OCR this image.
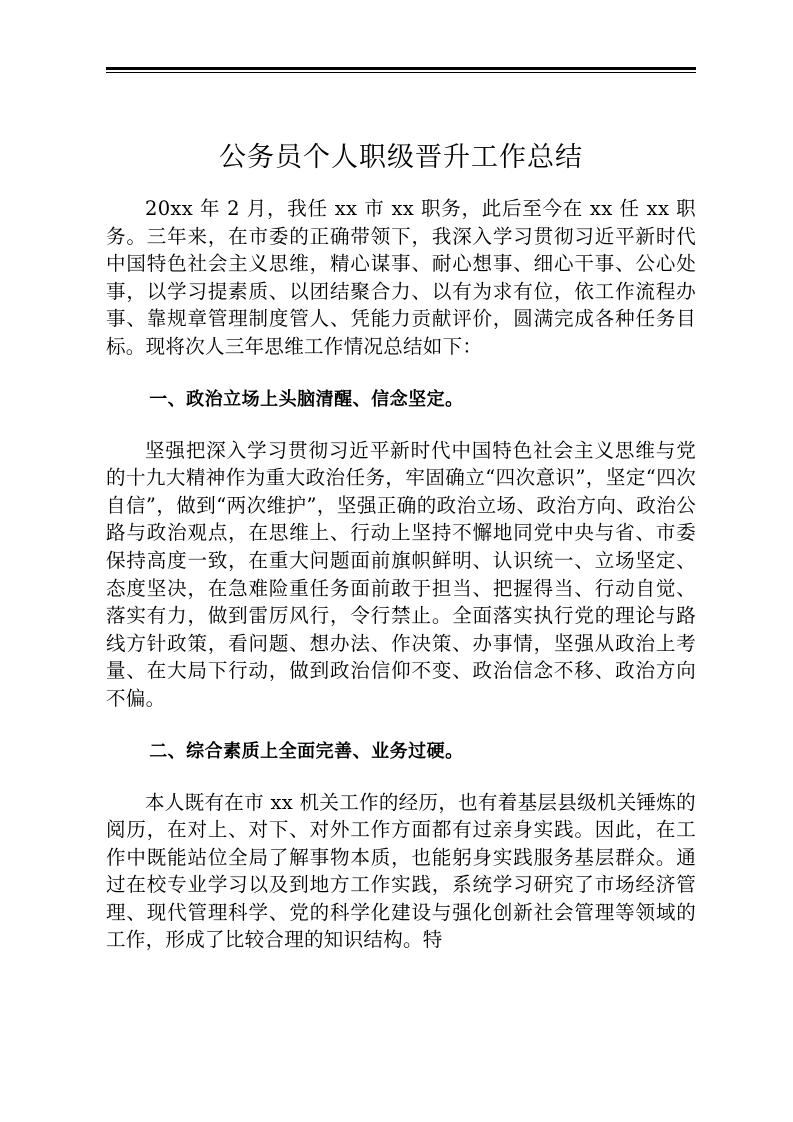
公务员个人职级晋升工作总结

20xx 年 2 月，我任 xx 市 xx 职务，此后至今在 xx 任 xx 职务。三年来，在市委的正确带领下，我深入学习贯彻习近平新时代中国特色社会主义思维，精心谋事、耐心想事、细心干事、公心处事，以学习提素质、以团结聚合力、以有为求有位，依工作流程办事、靠规章管理制度管人、凭能力贡献评价，圆满完成各种任务目标。现将次人三年思维工作情况总结如下：

一、政治立场上头脑清醒、信念坚定。

坚强把深入学习贯彻习近平新时代中国特色社会主义思维与党的十九大精神作为重大政治任务，牢固确立“四次意识”，坚定“四次自信”，做到“两次维护”，坚强正确的政治立场、政治方向、政治公路与政治观点，在思维上、行动上坚持不懈地同党中央与省、市委保持高度一致，在重大问题面前旗帜鲜明、认识统一、立场坚定、态度坚决，在急难险重任务面前敢于担当、把握得当、行动自觉、落实有力，做到雷厉风行，令行禁止。全面落实执行党的理论与路线方针政策，看问题、想办法、作决策、办事情，坚强从政治上考量、在大局下行动，做到政治信仰不变、政治信念不移、政治方向不偏。

二、综合素质上全面完善、业务过硬。

本人既有在市 xx 机关工作的经历，也有着基层县级机关锤炼的阅历，在对上、对下、对外工作方面都有过亲身实践。因此，在工作中既能站位全局了解事物本质，也能躬身实践服务基层群众。通过在校专业学习以及到地方工作实践，系统学习研究了市场经济管理、现代管理科学、党的科学化建设与强化创新社会管理等领域的工作，形成了比较合理的知识结构。特
